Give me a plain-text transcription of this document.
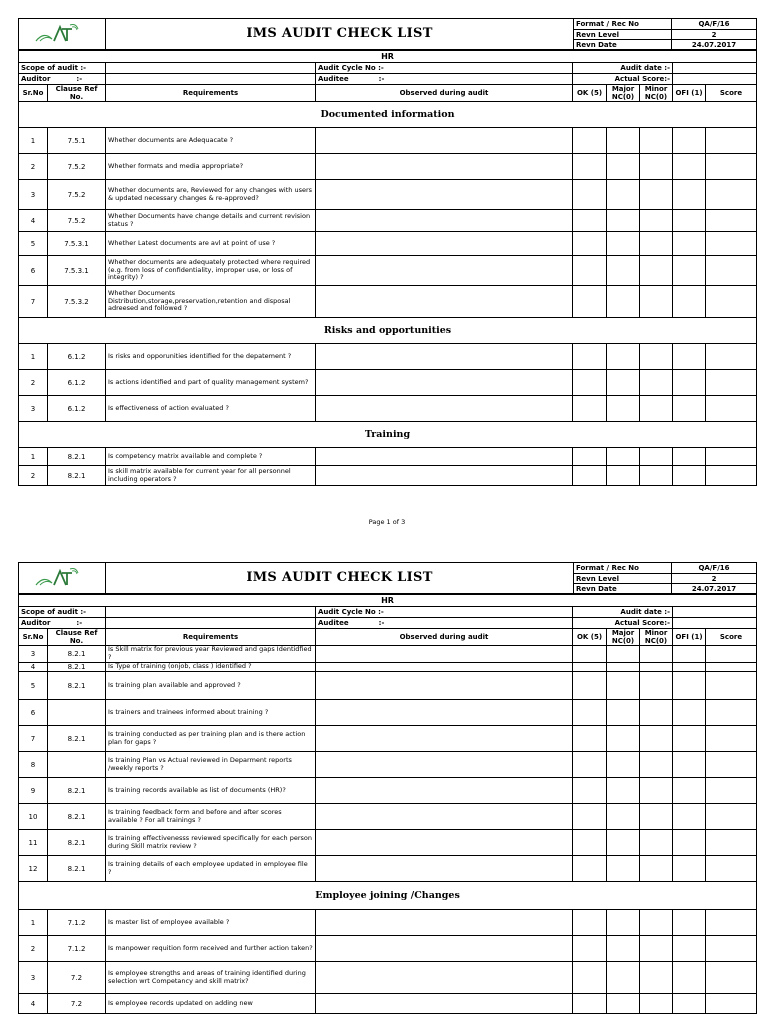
	IMS AUDIT CHECK LIST	Format / Rec No	QA/F/16
		Revn Level	2
		Revn Date	24.07.2017
HR								
Scope of audit :-			Audit Cycle No :-	Audit date :-				
Auditor :-			Auditee :-	Actual Score:-				
Sr.No	Clause Ref No.	Requirements	Observed during audit	OK (5)	Major NC(0)	Minor NC(0)	OFI (1)	Score
Documented information								
1	7.5.1	Whether documents are Adequacate ?						
2	7.5.2	Whether formats and media appropriate?						
3	7.5.2	Whether documents are, Reviewed for any changes with users & updated necessary changes & re-approved?						
4	7.5.2	Whether Documents have change details and current revision status ?						
5	7.5.3.1	Whether Latest documents are avl at point of use ?						
6	7.5.3.1	Whether documents are adequately protected where required (e.g. from loss of confidentiality, improper use, or loss of integrity) ?						
7	7.5.3.2	Whether Documents Distribution,storage,preservation,retention and disposal adreesed and followed ?						
Risks and opportunities								
1	6.1.2	Is risks and opporunities identified for the depatement ?						
2	6.1.2	Is actions identified and part of quality management system?						
3	6.1.2	Is effectiveness of action evaluated ?						
Training								
1	8.2.1	Is competency matrix available and complete ?						
2	8.2.1	Is skill matrix available for current year for all personnel including operators ?						
Page 1 of 3
	IMS AUDIT CHECK LIST	Format / Rec No	QA/F/16
		Revn Level	2
		Revn Date	24.07.2017
HR								
Scope of audit :-			Audit Cycle No :-	Audit date :-				
Auditor :-			Auditee :-	Actual Score:-				
Sr.No	Clause Ref No.	Requirements	Observed during audit	OK (5)	Major NC(0)	Minor NC(0)	OFI (1)	Score
3	8.2.1	Is Skill matrix for previous year Reviewed and gaps Identidfied ?						
4	8.2.1	Is Type of training (onjob, class ) identified ?						
5	8.2.1	Is training plan available and approved ?						
6		Is trainers and trainees informed about training ?						
7	8.2.1	Is training conducted as per training plan and is there action plan for gaps ?						
8		Is training Plan vs Actual reviewed in Deparment reports /weekly reports ?						
9	8.2.1	Is training records available as list of documents (HR)?						
10	8.2.1	Is training feedback form and before and after scores available ? For all trainings ?						
11	8.2.1	Is training effectivenesss reviewed specifically for each person during Skill matrix review ?						
12	8.2.1	Is training details of each employee updated in employee file ?						
Employee joining /Changes								
1	7.1.2	Is master list of employee available ?						
2	7.1.2	Is manpower requition form received and further action taken?						
3	7.2	Is employee strengths and areas of training identified during selection wrt Competancy and skill matrix?						
4	7.2	Is employee records updated on adding new						
